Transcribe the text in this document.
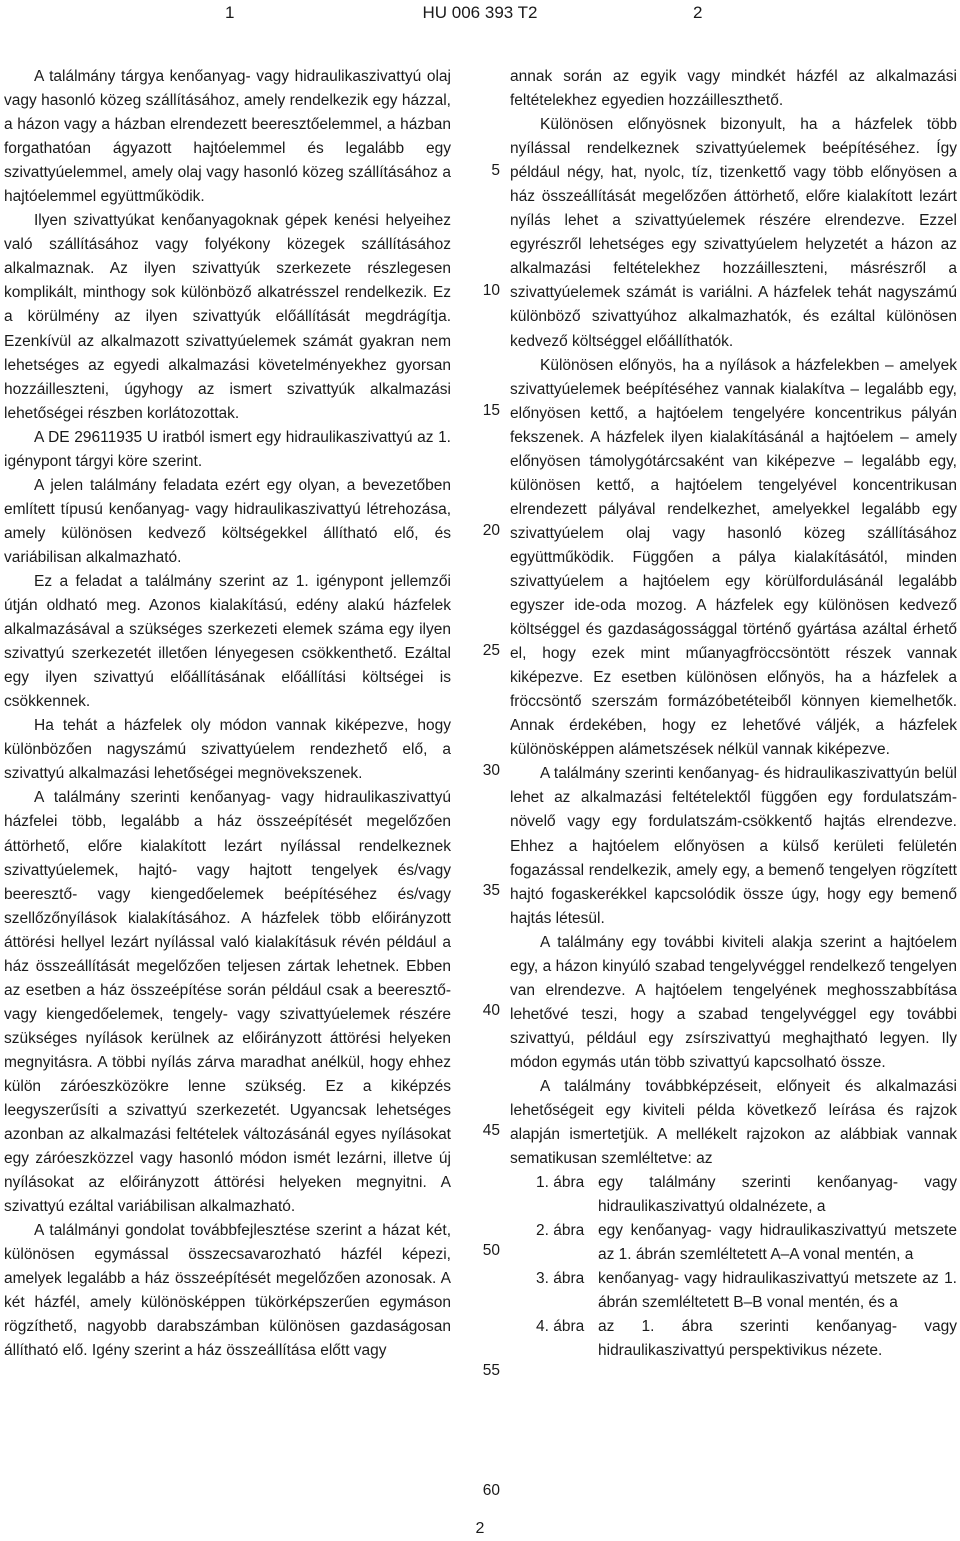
1	HU 006 393 T2	2

A találmány tárgya kenőanyag- vagy hidraulikaszivattyú olaj vagy hasonló közeg szállításához, amely rendelkezik egy házzal, a házon vagy a házban elrendezett beeresztőelemmel, a házban forgathatóan ágyazott hajtóelemmel és legalább egy szivattyúelemmel, amely olaj vagy hasonló közeg szállításához a hajtóelemmel együttműködik.

Ilyen szivattyúkat kenőanyagoknak gépek kenési helyeihez való szállításához vagy folyékony közegek szállításához alkalmaznak. Az ilyen szivattyúk szerkezete részlegesen komplikált, minthogy sok különböző alkatrésszel rendelkezik. Ez a körülmény az ilyen szivattyúk előállítását megdrágítja. Ezenkívül az alkalmazott szivattyúelemek számát gyakran nem lehetséges az egyedi alkalmazási követelményekhez gyorsan hozzáilleszteni, úgyhogy az ismert szivattyúk alkalmazási lehetőségei részben korlátozottak.

A DE 29611935 U iratból ismert egy hidraulikaszivattyú az 1. igénypont tárgyi köre szerint.

A jelen találmány feladata ezért egy olyan, a bevezetőben említett típusú kenőanyag- vagy hidraulikaszivattyú létrehozása, amely különösen kedvező költségekkel állítható elő, és variábilisan alkalmazható.

Ez a feladat a találmány szerint az 1. igénypont jellemzői útján oldható meg. Azonos kialakítású, edény alakú házfelek alkalmazásával a szükséges szerkezeti elemek száma egy ilyen szivattyú szerkezetét illetően lényegesen csökkenthető. Ezáltal egy ilyen szivattyú előállításának előállítási költségei is csökkennek.

Ha tehát a házfelek oly módon vannak kiképezve, hogy különbözően nagyszámú szivattyúelem rendezhető elő, a szivattyú alkalmazási lehetőségei megnövekszenek.

A találmány szerinti kenőanyag- vagy hidraulikaszivattyú házfelei több, legalább a ház összeépítését megelőzően áttörhető, előre kialakított lezárt nyílással rendelkeznek szivattyúelemek, hajtó- vagy hajtott tengelyek és/vagy beeresztő- vagy kiengedőelemek beépítéséhez és/vagy szellőzőnyílások kialakításához. A házfelek több előirányzott áttörési hellyel lezárt nyílással való kialakításuk révén például a ház összeállítását megelőzően teljesen zártak lehetnek. Ebben az esetben a ház összeépítése során például csak a beeresztő- vagy kiengedőelemek, tengely- vagy szivattyúelemek részére szükséges nyílások kerülnek az előirányzott áttörési helyeken megnyitásra. A többi nyílás zárva maradhat anélkül, hogy ehhez külön záróeszközökre lenne szükség. Ez a kiképzés leegyszerűsíti a szivattyú szerkezetét. Ugyancsak lehetséges azonban az alkalmazási feltételek változásánál egyes nyílásokat egy záróeszközzel vagy hasonló módon ismét lezárni, illetve új nyílásokat az előirányzott áttörési helyeken megnyitni. A szivattyú ezáltal variábilisan alkalmazható.

A találmányi gondolat továbbfejlesztése szerint a házat két, különösen egymással összecsavarozható házfél képezi, amelyek legalább a ház összeépítését megelőzően azonosak. A két házfél, amely különösképpen tükörképszerűen egymáson rögzíthető, nagyobb darabszámban különösen gazdaságosan állítható elő. Igény szerint a ház összeállítása előtt vagy

annak során az egyik vagy mindkét házfél az alkalmazási feltételekhez egyedien hozzáilleszthető.

Különösen előnyösnek bizonyult, ha a házfelek több nyílással rendelkeznek szivattyúelemek beépítéséhez. Így például négy, hat, nyolc, tíz, tizenkettő vagy több előnyösen a ház összeállítását megelőzően áttörhető, előre kialakított lezárt nyílás lehet a szivattyúelemek részére elrendezve. Ezzel egyrészről lehetséges egy szivattyúelem helyzetét a házon az alkalmazási feltételekhez hozzáilleszteni, másrészről a szivattyúelemek számát is variálni. A házfelek tehát nagyszámú különböző szivattyúhoz alkalmazhatók, és ezáltal különösen kedvező költséggel előállíthatók.

Különösen előnyös, ha a nyílások a házfelekben – amelyek szivattyúelemek beépítéséhez vannak kialakítva – legalább egy, előnyösen kettő, a hajtóelem tengelyére koncentrikus pályán fekszenek. A házfelek ilyen kialakításánál a hajtóelem – amely előnyösen támolygótárcsaként van kiképezve – legalább egy, különösen kettő, a hajtóelem tengelyével koncentrikusan elrendezett pályával rendelkezhet, amelyekkel legalább egy szivattyúelem olaj vagy hasonló közeg szállításához együttműködik. Függően a pálya kialakításától, minden szivattyúelem a hajtóelem egy körülfordulásánál legalább egyszer ide-oda mozog. A házfelek egy különösen kedvező költséggel és gazdaságossággal történő gyártása azáltal érhető el, hogy ezek mint műanyagfröccsöntött részek vannak kiképezve. Ez esetben különösen előnyös, ha a házfelek a fröccsöntő szerszám formázóbetéteiből könnyen kiemelhetők. Annak érdekében, hogy ez lehetővé váljék, a házfelek különösképpen alámetszések nélkül vannak kiképezve.

A találmány szerinti kenőanyag- és hidraulikaszivattyún belül lehet az alkalmazási feltételektől függően egy fordulatszám-növelő vagy egy fordulatszám-csökkentő hajtás elrendezve. Ehhez a hajtóelem előnyösen a külső kerületi felületén fogazással rendelkezik, amely egy, a bemenő tengelyen rögzített hajtó fogaskerékkel kapcsolódik össze úgy, hogy egy bemenő hajtás létesül.

A találmány egy további kiviteli alakja szerint a hajtóelem egy, a házon kinyúló szabad tengelyvéggel rendelkező tengelyen van elrendezve. A hajtóelem tengelyének meghosszabbítása lehetővé teszi, hogy a szabad tengelyvéggel egy további szivattyú, például egy zsírszivattyú meghajtható legyen. Ily módon egymás után több szivattyú kapcsolható össze.

A találmány továbbképzéseit, előnyeit és alkalmazási lehetőségeit egy kiviteli példa következő leírása és rajzok alapján ismertetjük. A mellékelt rajzokon az alábbiak vannak sematikusan szemléltetve: az

1. ábra egy találmány szerinti kenőanyag- vagy hidraulikaszivattyú oldalnézete, a
2. ábra egy kenőanyag- vagy hidraulikaszivattyú metszete az 1. ábrán szemléltetett A–A vonal mentén, a
3. ábra kenőanyag- vagy hidraulikaszivattyú metszete az 1. ábrán szemléltetett B–B vonal mentén, és a
4. ábra az 1. ábra szerinti kenőanyag- vagy hidraulikaszivattyú perspektivikus nézete.
5
10
15
20
25
30
35
40
45
50
55
60
2
